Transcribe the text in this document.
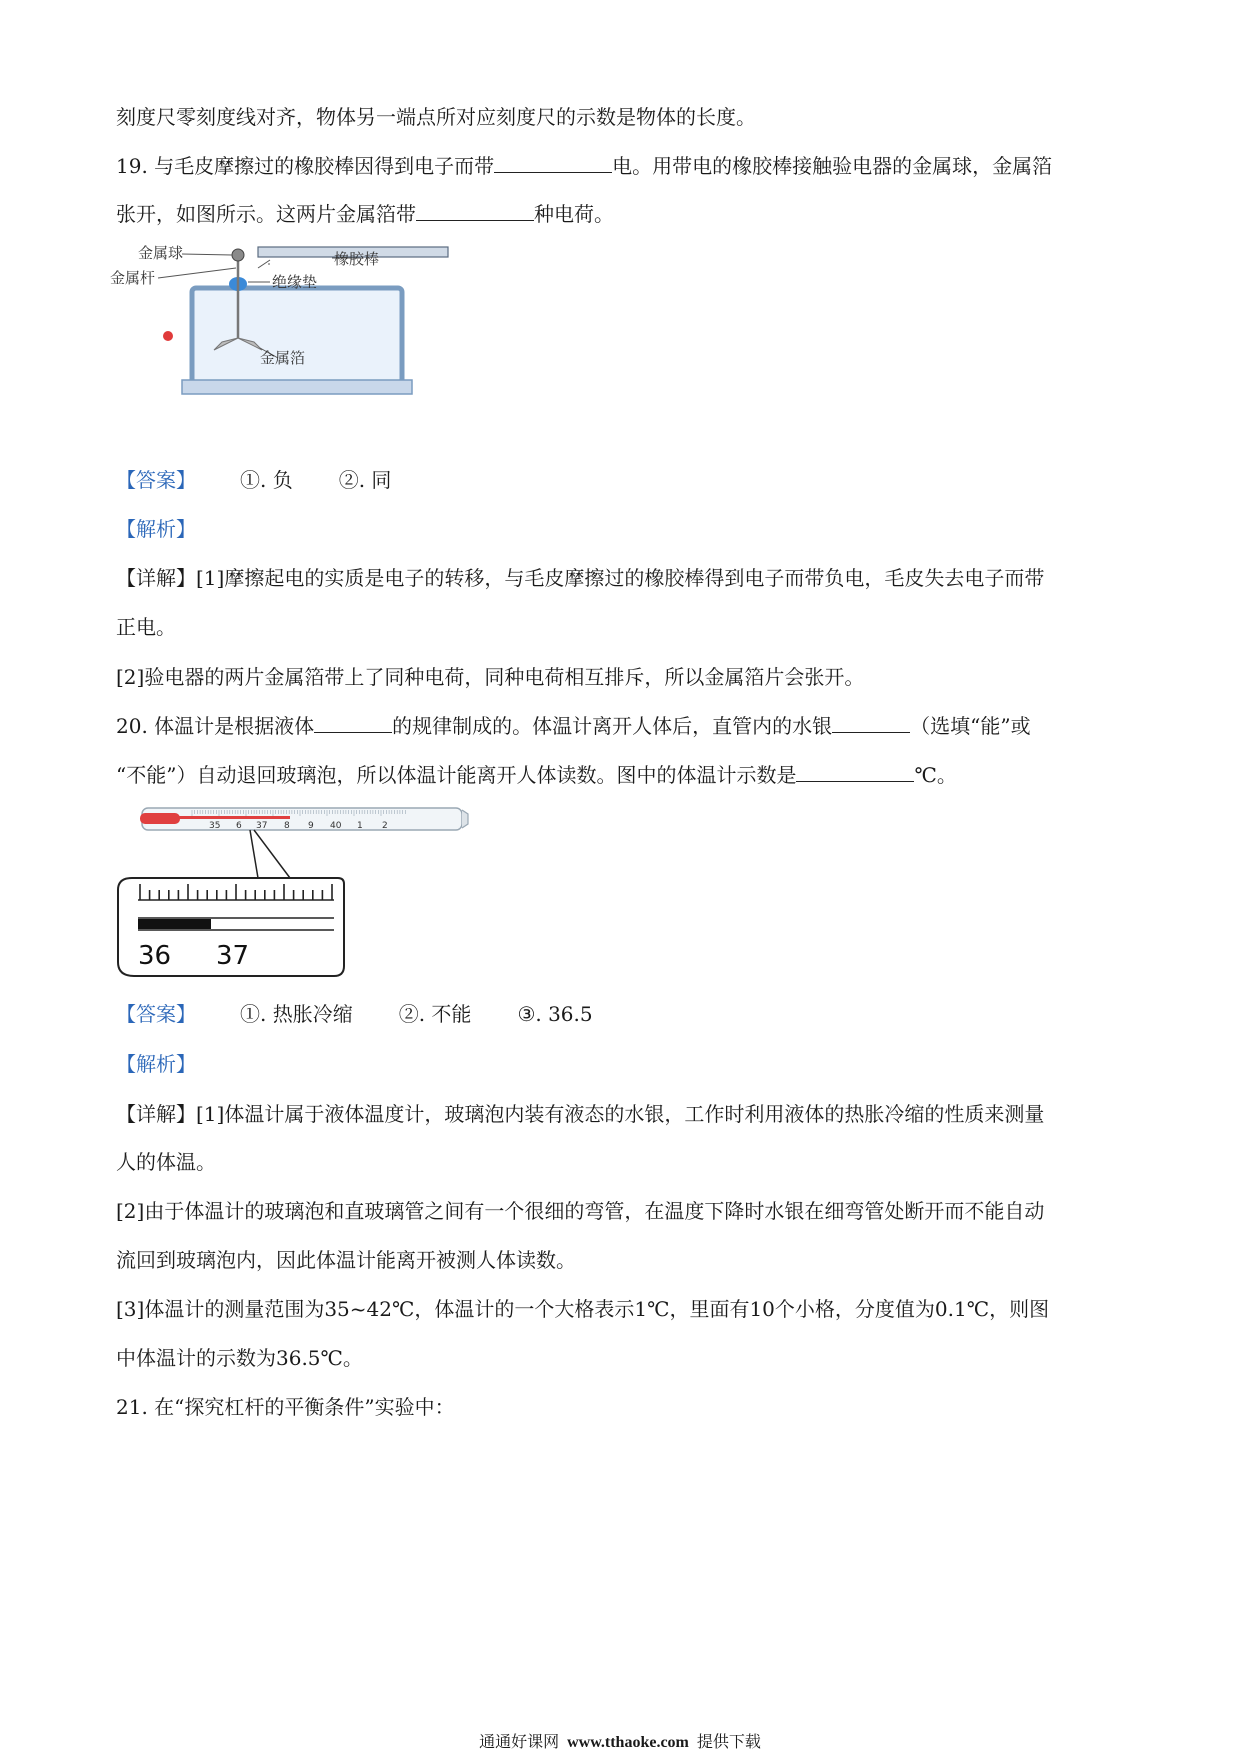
刻度尺零刻度线对齐，物体另一端点所对应刻度尺的示数是物体的长度。
19. 与毛皮摩擦过的橡胶棒因得到电子而带	电。用带电的橡胶棒接触验电器的金属球，金属箔
张开，如图所示。这两片金属箔带	种电荷。
金属球
金属杆
橡胶棒
绝缘垫
金属箔
【答案】 ①. 负 ②. 同
【解析】
【详解】[1]摩擦起电的实质是电子的转移，与毛皮摩擦过的橡胶棒得到电子而带负电，毛皮失去电子而带
正电。
[2]验电器的两片金属箔带上了同种电荷，同种电荷相互排斥，所以金属箔片会张开。
20. 体温计是根据液体	的规律制成的。体温计离开人体后，直管内的水银	（选填“能”或
“不能”）自动退回玻璃泡，所以体温计能离开人体读数。图中的体温计示数是	℃。
35 6 37 8 9 40 1 2
36 37
【答案】 ①. 热胀冷缩 ②. 不能 ③. 36.5
【解析】
【详解】[1]体温计属于液体温度计，玻璃泡内装有液态的水银，工作时利用液体的热胀冷缩的性质来测量
人的体温。
[2]由于体温计的玻璃泡和直玻璃管之间有一个很细的弯管，在温度下降时水银在细弯管处断开而不能自动
流回到玻璃泡内，因此体温计能离开被测人体读数。
[3]体温计的测量范围为35~42℃，体温计的一个大格表示1℃，里面有10个小格，分度值为0.1℃，则图
中体温计的示数为36.5℃。
21. 在“探究杠杆的平衡条件”实验中：
通通好课网 www.tthaoke.com 提供下载
